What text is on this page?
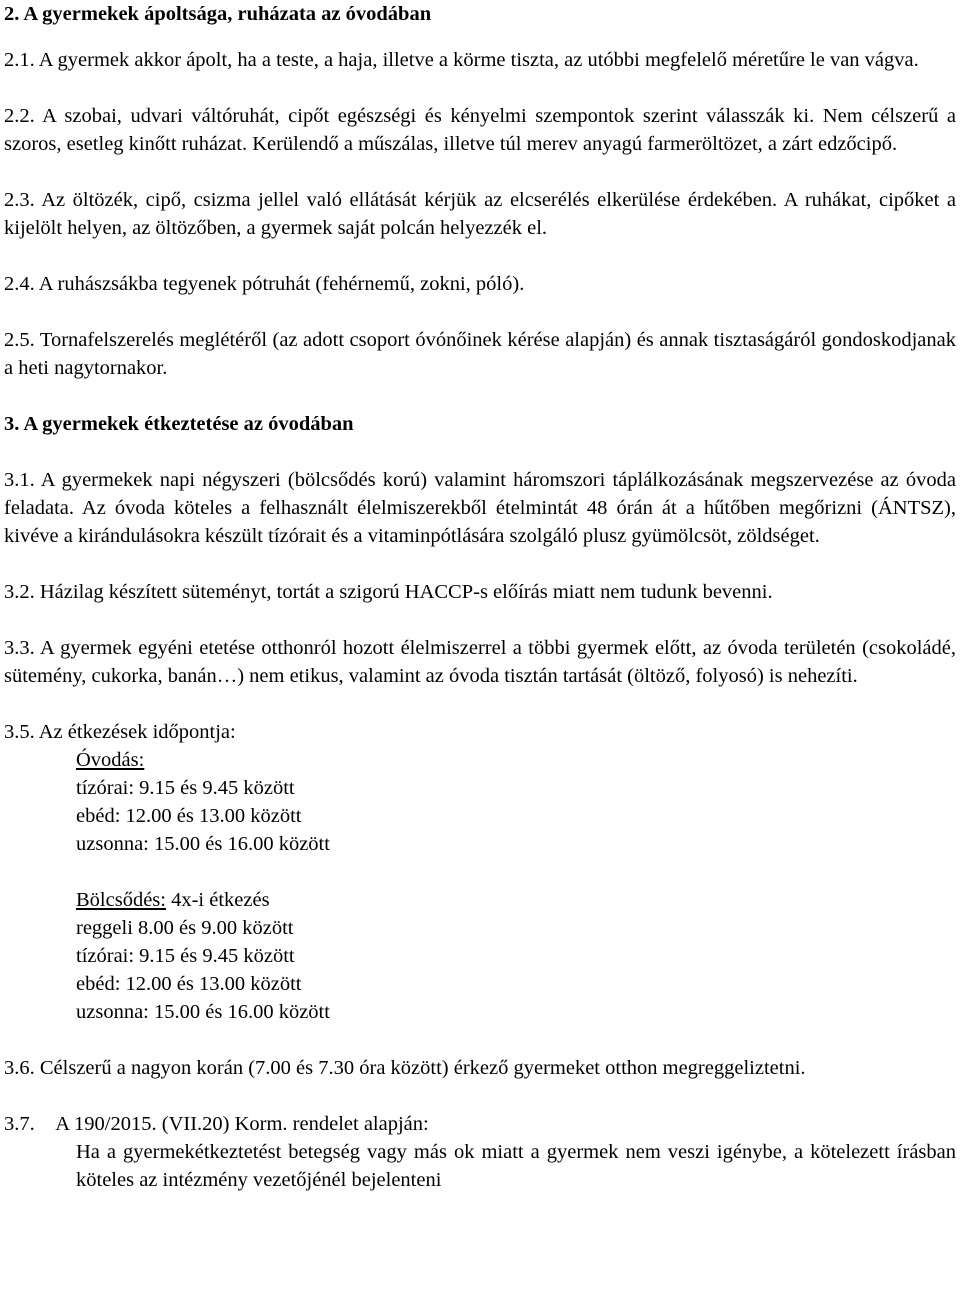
2. A gyermekek ápoltsága, ruházata az óvodában

2.1. A gyermek akkor ápolt, ha a teste, a haja, illetve a körme tiszta, az utóbbi megfelelő méretűre le van vágva.

2.2. A szobai, udvari váltóruhát, cipőt egészségi és kényelmi szempontok szerint válasszák ki. Nem célszerű a szoros, esetleg kinőtt ruházat. Kerülendő a műszálas, illetve túl merev anyagú farmeröltözet, a zárt edzőcipő.

2.3. Az öltözék, cipő, csizma jellel való ellátását kérjük az elcserélés elkerülése érdekében. A ruhákat, cipőket a kijelölt helyen, az öltözőben, a gyermek saját polcán helyezzék el.

2.4. A ruhászsákba tegyenek pótruhát (fehérnemű, zokni, póló).

2.5. Tornafelszerelés meglétéről (az adott csoport óvónőinek kérése alapján) és annak tisztaságáról gondoskodjanak a heti nagytornakor.

3. A gyermekek étkeztetése az óvodában

3.1. A gyermekek napi négyszeri (bölcsődés korú) valamint háromszori táplálkozásának megszervezése az óvoda feladata. Az óvoda köteles a felhasznált élelmiszerekből ételmintát 48 órán át a hűtőben megőrizni (ÁNTSZ), kivéve a kirándulásokra készült tízórait és a vitaminpótlására szolgáló plusz gyümölcsöt, zöldséget.

3.2. Házilag készített süteményt, tortát a szigorú HACCP-s előírás miatt nem tudunk bevenni.

3.3. A gyermek egyéni etetése otthonról hozott élelmiszerrel a többi gyermek előtt, az óvoda területén (csokoládé, sütemény, cukorka, banán…) nem etikus, valamint az óvoda tisztán tartását (öltöző, folyosó) is nehezíti.

3.5. Az étkezések időpontja:
Óvodás:
tízórai: 9.15 és 9.45 között
ebéd: 12.00 és 13.00 között
uzsonna: 15.00 és 16.00 között
Bölcsődés: 4x-i étkezés
reggeli 8.00 és 9.00 között
tízórai: 9.15 és 9.45 között
ebéd: 12.00 és 13.00 között
uzsonna: 15.00 és 16.00 között

3.6. Célszerű a nagyon korán (7.00 és 7.30 óra között) érkező gyermeket otthon megreggeliztetni.

3.7. A 190/2015. (VII.20) Korm. rendelet alapján:

Ha a gyermekétkeztetést betegség vagy más ok miatt a gyermek nem veszi igénybe, a kötelezett írásban köteles az intézmény vezetőjénél bejelenteni
